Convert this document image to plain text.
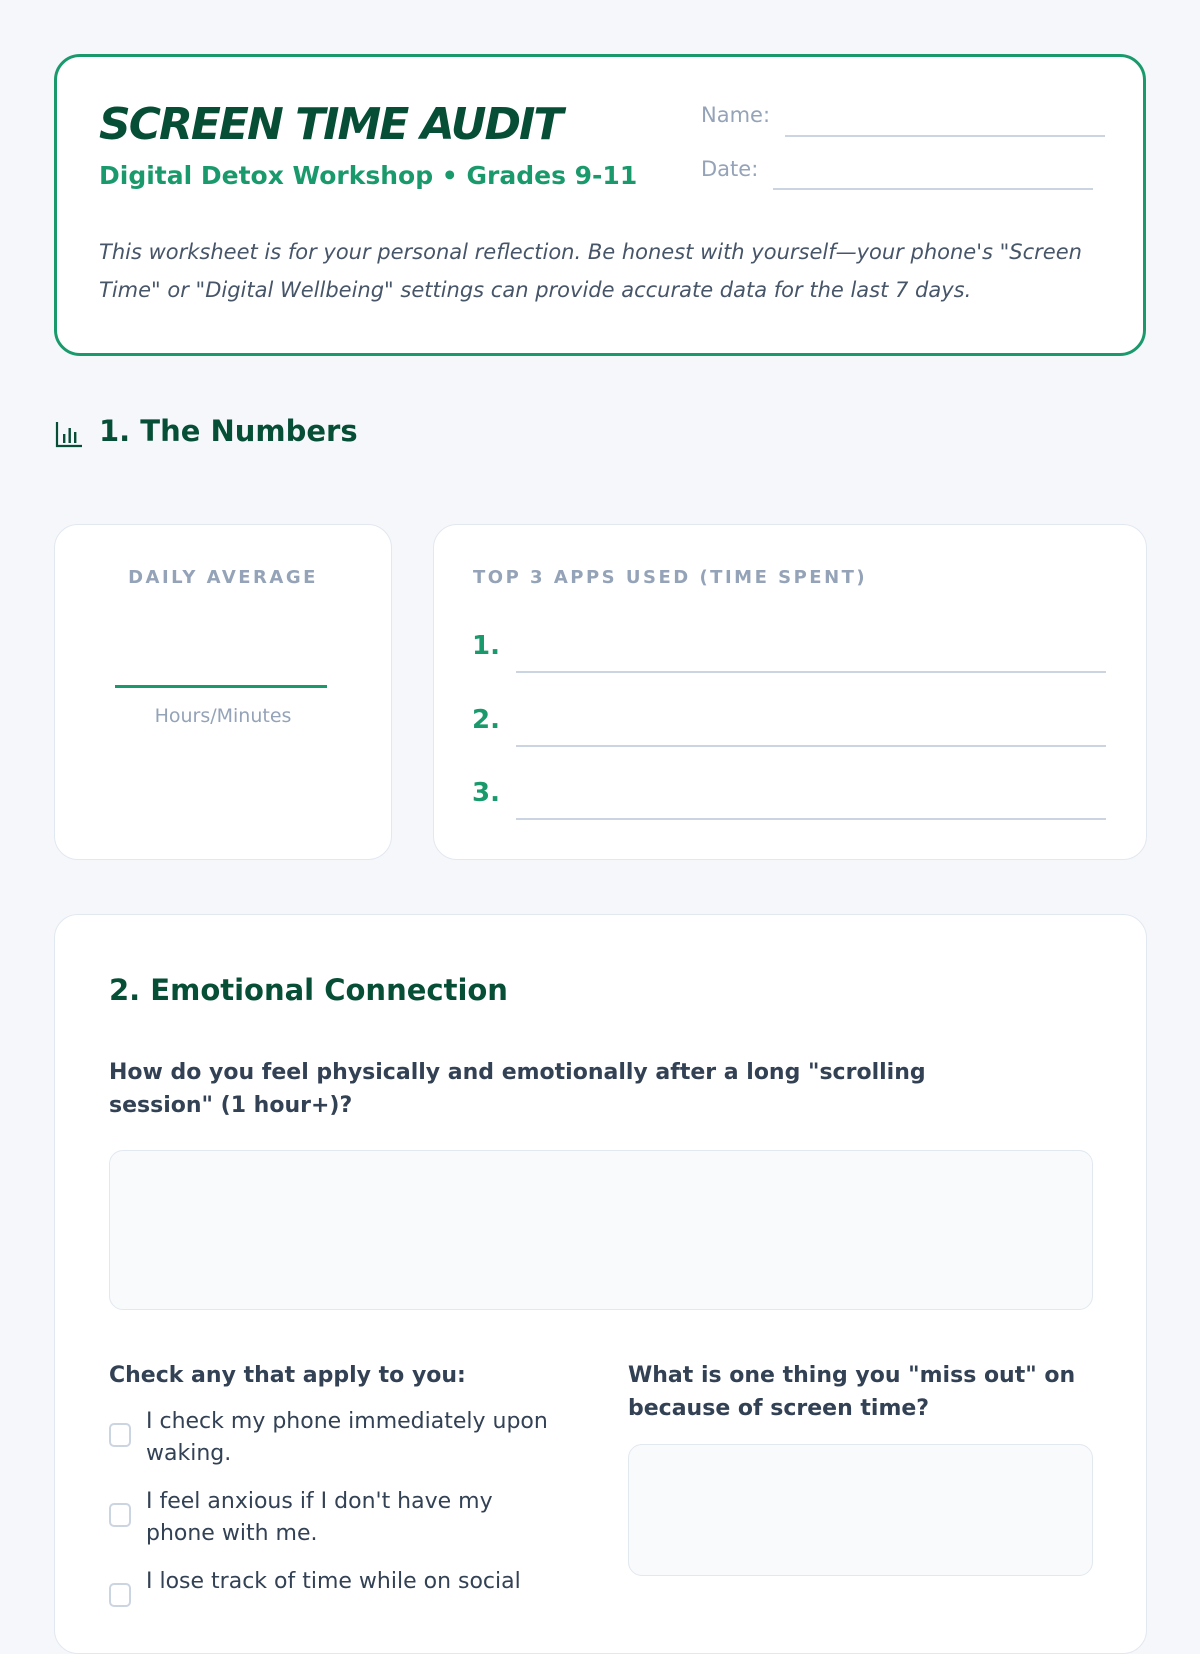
SCREEN TIME AUDIT
Digital Detox Workshop • Grades 9-11
Name:
Date:
This worksheet is for your personal reflection. Be honest with yourself—your phone's "Screen Time" or "Digital Wellbeing" settings can provide accurate data for the last 7 days.
1. The Numbers
DAILY AVERAGE
Hours/Minutes
TOP 3 APPS USED (TIME SPENT)
1.
2.
3.
2. Emotional Connection
How do you feel physically and emotionally after a long "scrolling session" (1 hour+)?
Check any that apply to you:
I check my phone immediately upon waking.
I feel anxious if I don't have my phone with me.
I lose track of time while on social
What is one thing you "miss out" on because of screen time?
